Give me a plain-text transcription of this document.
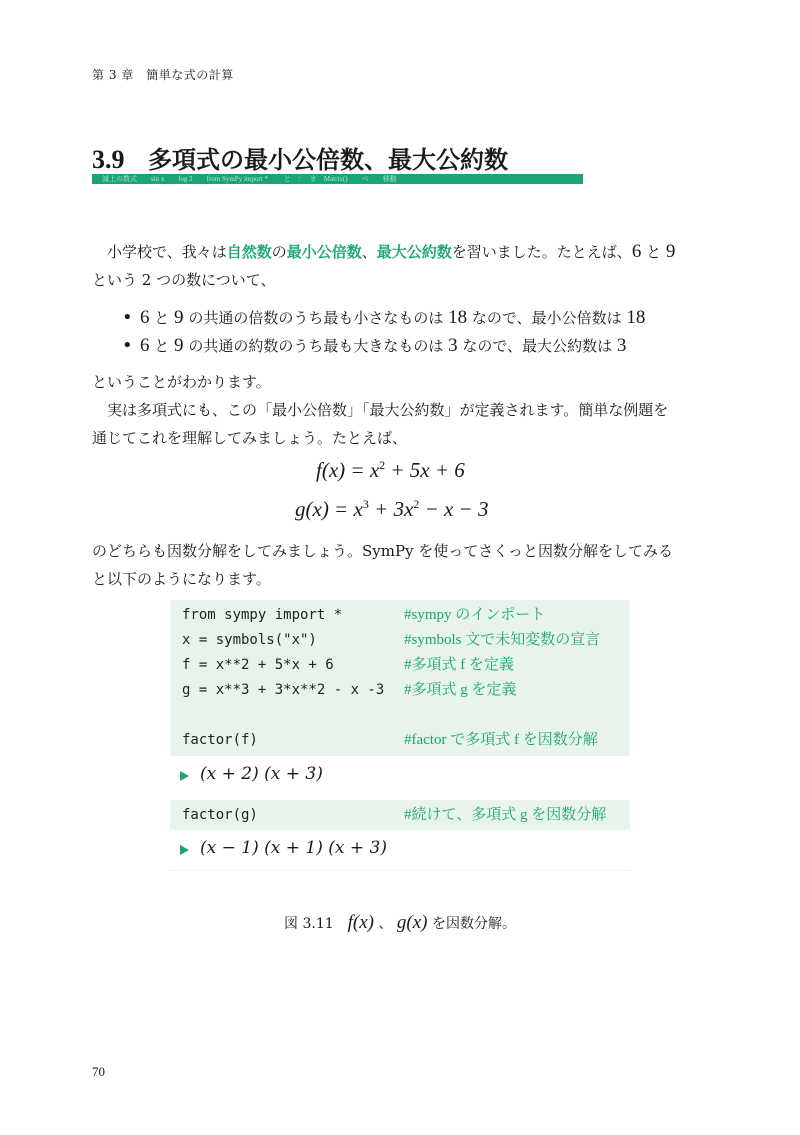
第 3 章　簡単な式の計算
3.9 多項式の最小公倍数、最大公約数
減上の数式　　sin x　　log 2　　from SymPy import *　　 と　：　 ま　Matrix()　　ベ　　移動
　小学校で、我々は自然数の最小公倍数、最大公約数を習いました。たとえば、6 と 9
という 2 つの数について、
• 6 と 9 の共通の倍数のうち最も小さなものは 18 なので、最小公倍数は 18
• 6 と 9 の共通の約数のうち最も大きなものは 3 なので、最大公約数は 3
ということがわかります。
　実は多項式にも、この「最小公倍数」「最大公約数」が定義されます。簡単な例題を
通じてこれを理解してみましょう。たとえば、
$f(x) = x^2 + 5x + 6$
$g(x) = x^3 + 3x^2 - x - 3$
のどちらも因数分解をしてみましょう。SymPy を使ってさくっと因数分解をしてみる
と以下のようになります。
from sympy import *	#sympy のインポート
x = symbols("x")	#symbols 文で未知変数の宣言
f = x**2 + 5*x + 6	#多項式 f を定義
g = x**3 + 3*x**2 - x -3 #多項式 g を定義
factor(f)	#factor で多項式 f を因数分解
(x + 2) (x + 3)
factor(g)	#続けて、多項式 g を因数分解
(x − 1) (x + 1) (x + 3)
図 3.11　f(x) 、 g(x) を因数分解。
70
